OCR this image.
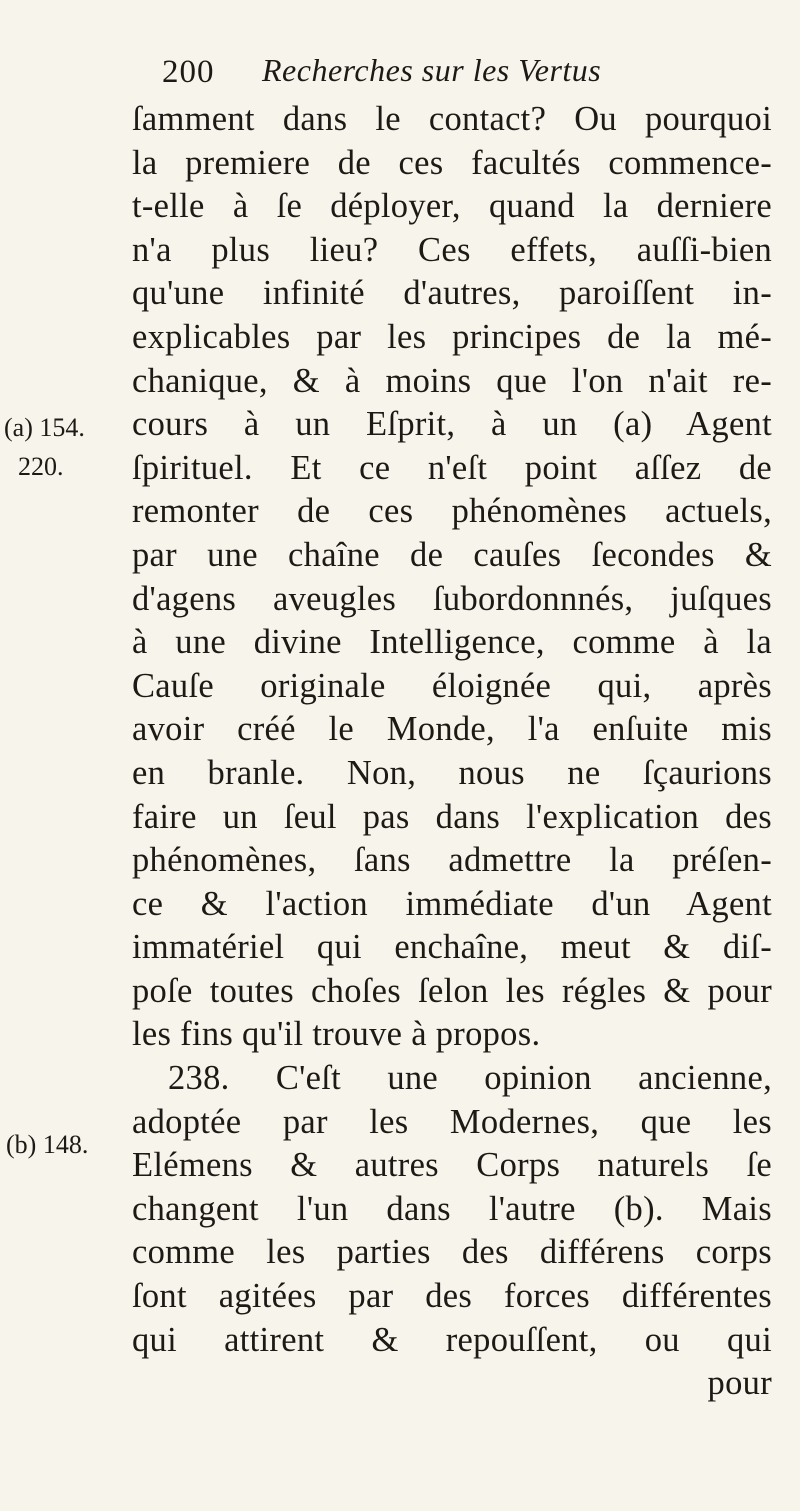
200 Recherches sur les Vertus
(a) 154.
220.
(b) 148.
ſamment dans le contact? Ou pourquoi
la premiere de ces facultés commence-
t-elle à ſe déployer, quand la derniere
n'a plus lieu? Ces effets, auſſi-bien
qu'une infinité d'autres, paroiſſent in-
explicables par les principes de la mé-
chanique, & à moins que l'on n'ait re-
cours à un Eſprit, à un (a) Agent
ſpirituel. Et ce n'eſt point aſſez de
remonter de ces phénomènes actuels,
par une chaîne de cauſes ſecondes &
d'agens aveugles ſubordonnnés, juſques
à une divine Intelligence, comme à la
Cauſe originale éloignée qui, après
avoir créé le Monde, l'a enſuite mis
en branle. Non, nous ne ſçaurions
faire un ſeul pas dans l'explication des
phénomènes, ſans admettre la préſen-
ce & l'action immédiate d'un Agent
immatériel qui enchaîne, meut & diſ-
poſe toutes choſes ſelon les régles & pour
les fins qu'il trouve à propos.
238. C'eſt une opinion ancienne,
adoptée par les Modernes, que les
Elémens & autres Corps naturels ſe
changent l'un dans l'autre (b). Mais
comme les parties des différens corps
ſont agitées par des forces différentes
qui attirent & repouſſent, ou qui
pour
